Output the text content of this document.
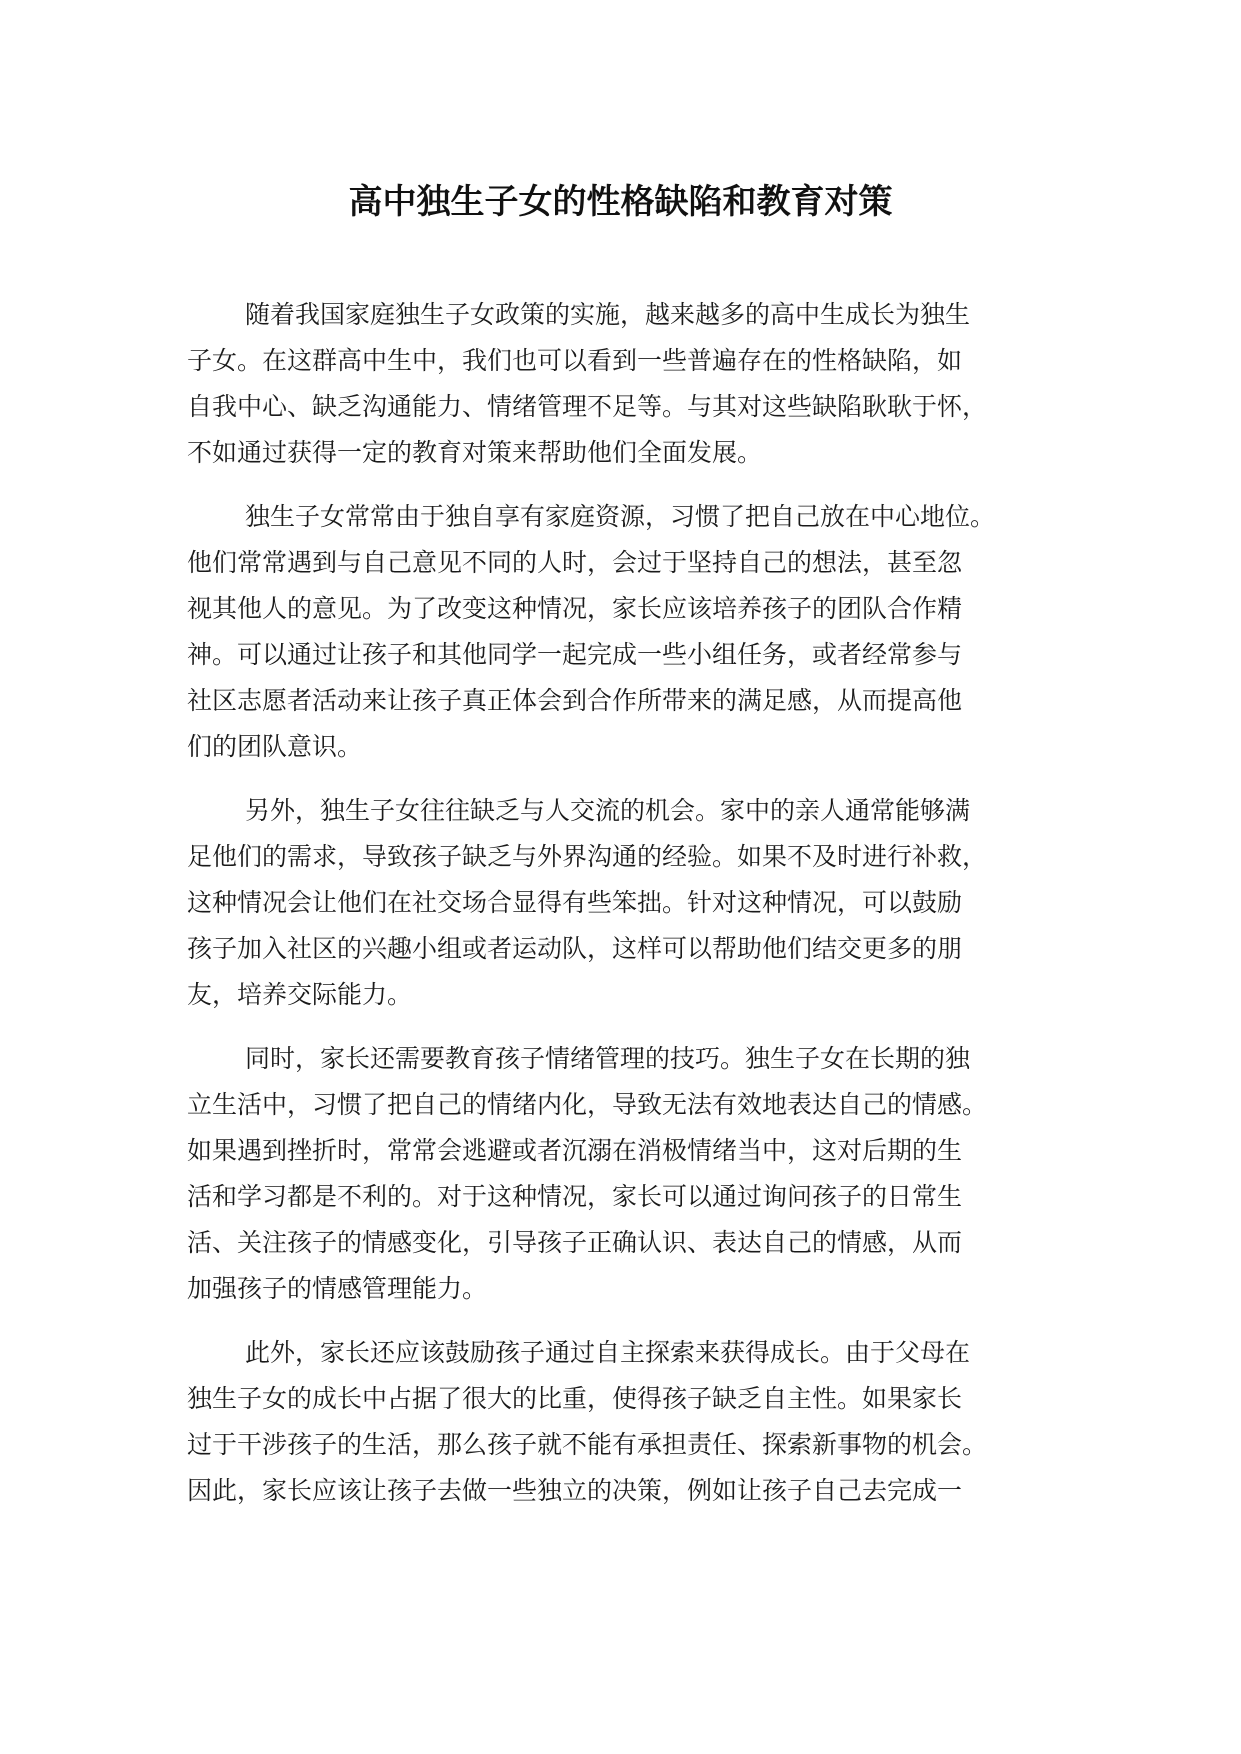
高中独生子女的性格缺陷和教育对策

随着我国家庭独生子女政策的实施，越来越多的高中生成长为独生
子女。在这群高中生中，我们也可以看到一些普遍存在的性格缺陷，如
自我中心、缺乏沟通能力、情绪管理不足等。与其对这些缺陷耿耿于怀，
不如通过获得一定的教育对策来帮助他们全面发展。

独生子女常常由于独自享有家庭资源，习惯了把自己放在中心地位。
他们常常遇到与自己意见不同的人时，会过于坚持自己的想法，甚至忽
视其他人的意见。为了改变这种情况，家长应该培养孩子的团队合作精
神。可以通过让孩子和其他同学一起完成一些小组任务，或者经常参与
社区志愿者活动来让孩子真正体会到合作所带来的满足感，从而提高他
们的团队意识。

另外，独生子女往往缺乏与人交流的机会。家中的亲人通常能够满
足他们的需求，导致孩子缺乏与外界沟通的经验。如果不及时进行补救，
这种情况会让他们在社交场合显得有些笨拙。针对这种情况，可以鼓励
孩子加入社区的兴趣小组或者运动队，这样可以帮助他们结交更多的朋
友，培养交际能力。

同时，家长还需要教育孩子情绪管理的技巧。独生子女在长期的独
立生活中，习惯了把自己的情绪内化，导致无法有效地表达自己的情感。
如果遇到挫折时，常常会逃避或者沉溺在消极情绪当中，这对后期的生
活和学习都是不利的。对于这种情况，家长可以通过询问孩子的日常生
活、关注孩子的情感变化，引导孩子正确认识、表达自己的情感，从而
加强孩子的情感管理能力。

此外，家长还应该鼓励孩子通过自主探索来获得成长。由于父母在
独生子女的成长中占据了很大的比重，使得孩子缺乏自主性。如果家长
过于干涉孩子的生活，那么孩子就不能有承担责任、探索新事物的机会。
因此，家长应该让孩子去做一些独立的决策，例如让孩子自己去完成一
